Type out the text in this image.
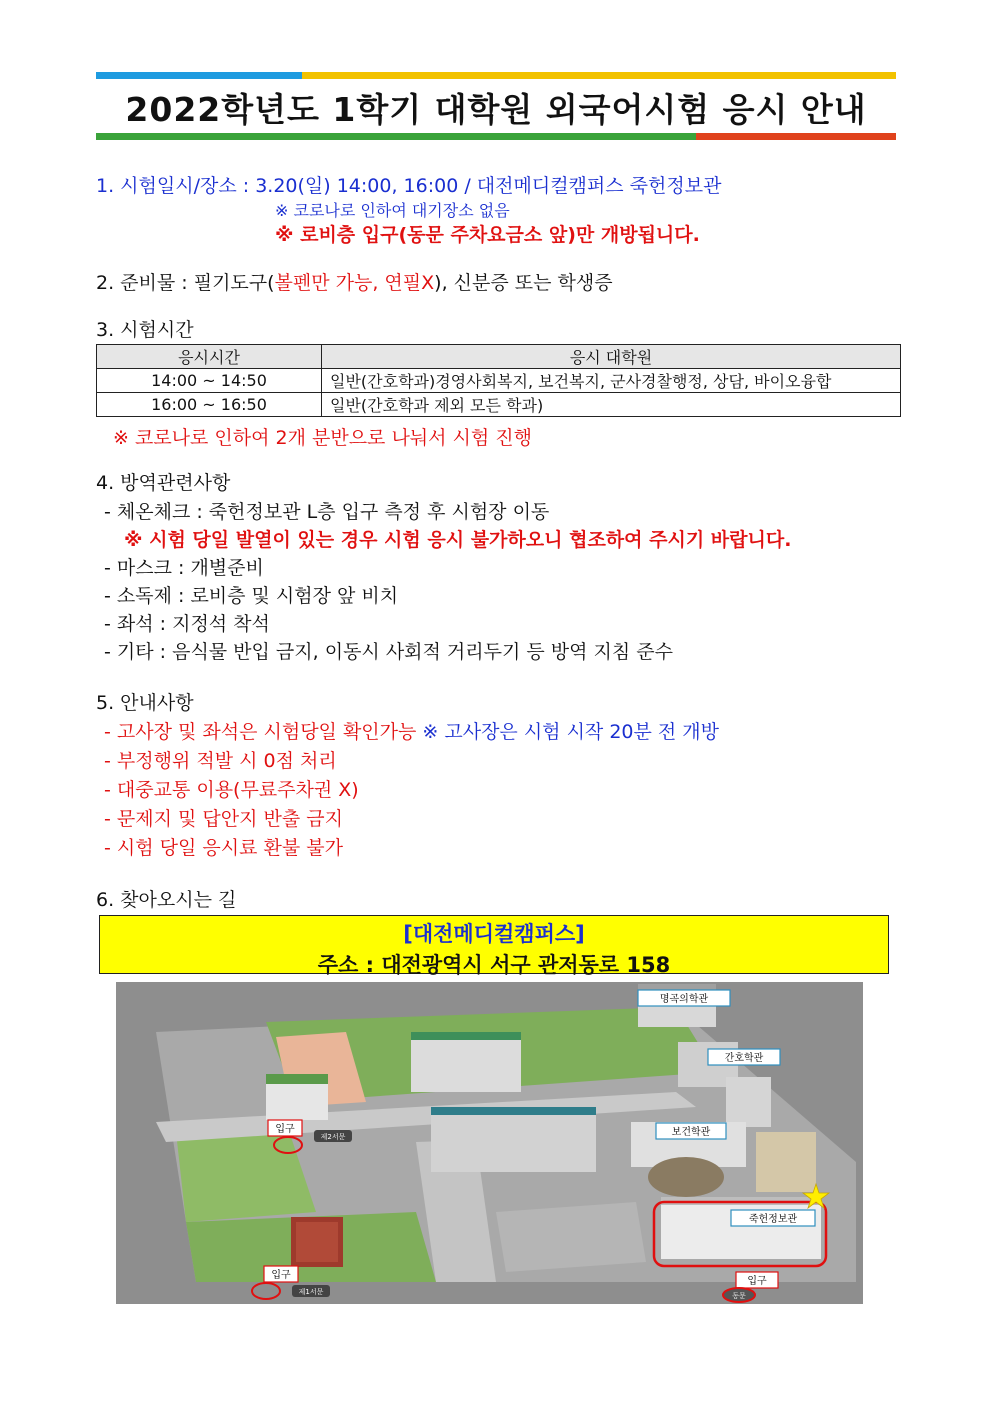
2022학년도 1학기 대학원 외국어시험 응시 안내
1. 시험일시/장소 : 3.20(일) 14:00, 16:00 / 대전메디컬캠퍼스 죽헌정보관
※ 코로나로 인하여 대기장소 없음
※ 로비층 입구(동문 주차요금소 앞)만 개방됩니다.
2. 준비물 : 필기도구(볼펜만 가능, 연필X), 신분증 또는 학생증
3. 시험시간
응시시간	응시 대학원
14:00 ~ 14:50	일반(간호학과)경영사회복지, 보건복지, 군사경찰행정, 상담, 바이오융합
16:00 ~ 16:50	일반(간호학과 제외 모든 학과)
※ 코로나로 인하여 2개 분반으로 나눠서 시험 진행
4. 방역관련사항
- 체온체크 : 죽헌정보관 L층 입구 측정 후 시험장 이동
※ 시험 당일 발열이 있는 경우 시험 응시 불가하오니 협조하여 주시기 바랍니다.
- 마스크 : 개별준비
- 소독제 : 로비층 및 시험장 앞 비치
- 좌석 : 지정석 착석
- 기타 : 음식물 반입 금지, 이동시 사회적 거리두기 등 방역 지침 준수
5. 안내사항
- 고사장 및 좌석은 시험당일 확인가능 ※ 고사장은 시험 시작 20분 전 개방
- 부정행위 적발 시 0점 처리
- 대중교통 이용(무료주차권 X)
- 문제지 및 답안지 반출 금지
- 시험 당일 응시료 환불 불가
6. 찾아오시는 길
[대전메디컬캠퍼스]
주소 : 대전광역시 서구 관저동로 158
명곡의학관
간호학관
보건학관
죽헌정보관
입구
제2서문
입구
제1서문
입구
동문
